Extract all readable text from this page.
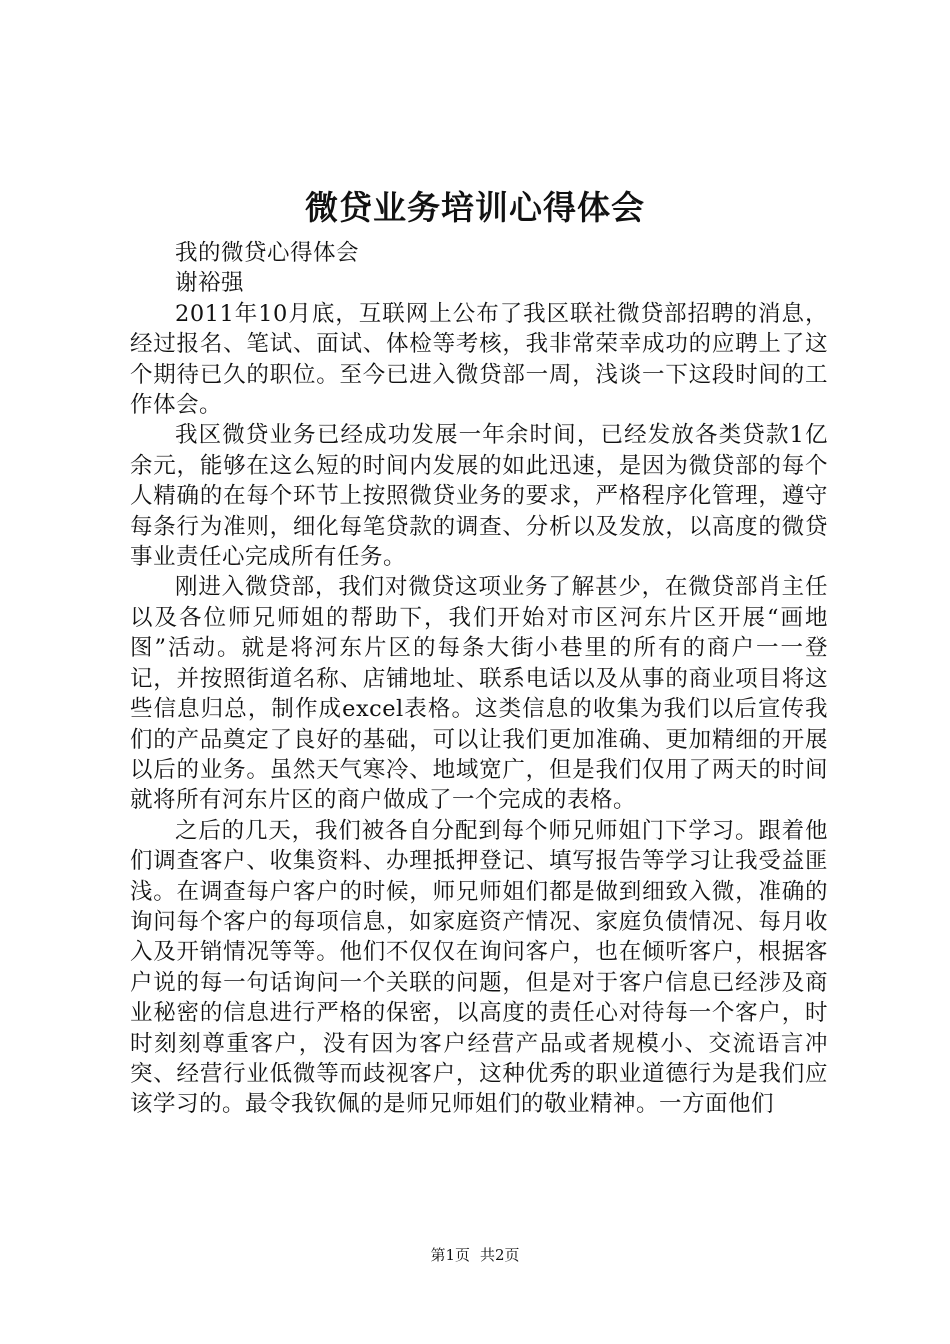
微贷业务培训心得体会

我的微贷心得体会

谢裕强

2011年10月底，互联网上公布了我区联社微贷部招聘的消息，经过报名、笔试、面试、体检等考核，我非常荣幸成功的应聘上了这个期待已久的职位。至今已进入微贷部一周，浅谈一下这段时间的工作体会。

我区微贷业务已经成功发展一年余时间，已经发放各类贷款1亿余元，能够在这么短的时间内发展的如此迅速，是因为微贷部的每个人精确的在每个环节上按照微贷业务的要求，严格程序化管理，遵守每条行为准则，细化每笔贷款的调查、分析以及发放，以高度的微贷事业责任心完成所有任务。

刚进入微贷部，我们对微贷这项业务了解甚少，在微贷部肖主任以及各位师兄师姐的帮助下，我们开始对市区河东片区开展“画地图”活动。就是将河东片区的每条大街小巷里的所有的商户一一登记，并按照街道名称、店铺地址、联系电话以及从事的商业项目将这些信息归总，制作成excel表格。这类信息的收集为我们以后宣传我们的产品奠定了良好的基础，可以让我们更加准确、更加精细的开展以后的业务。虽然天气寒冷、地域宽广，但是我们仅用了两天的时间就将所有河东片区的商户做成了一个完成的表格。

之后的几天，我们被各自分配到每个师兄师姐门下学习。跟着他们调查客户、收集资料、办理抵押登记、填写报告等学习让我受益匪浅。在调查每户客户的时候，师兄师姐们都是做到细致入微，准确的询问每个客户的每项信息，如家庭资产情况、家庭负债情况、每月收入及开销情况等等。他们不仅仅在询问客户，也在倾听客户，根据客户说的每一句话询问一个关联的问题，但是对于客户信息已经涉及商业秘密的信息进行严格的保密，以高度的责任心对待每一个客户，时时刻刻尊重客户，没有因为客户经营产品或者规模小、交流语言冲突、经营行业低微等而歧视客户，这种优秀的职业道德行为是我们应该学习的。最令我钦佩的是师兄师姐们的敬业精神。一方面他们

第1页 共2页
